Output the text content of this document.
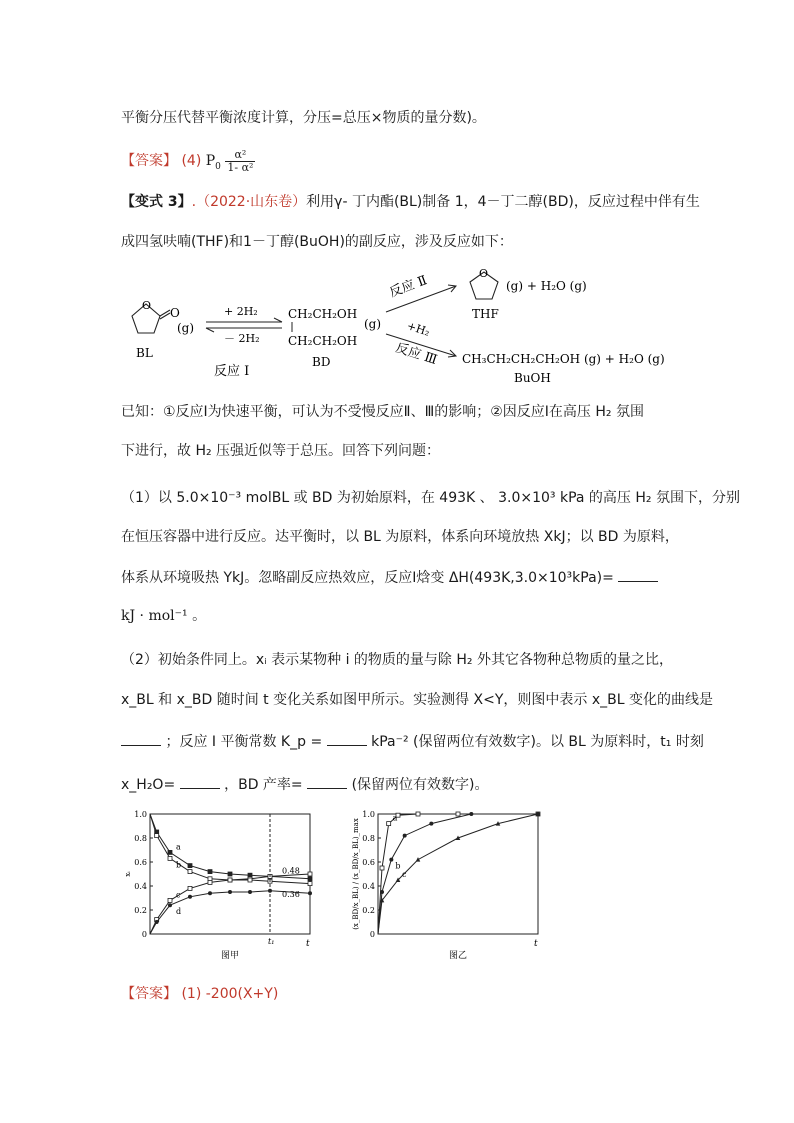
平衡分压代替平衡浓度计算，分压=总压×物质的量分数)。
【答案】 (4) $P_0 \frac{\text{α²}}{\text{1- α²}}$
【变式 3】.（2022·山东卷）利用γ- 丁内酯(BL)制备 1，4－丁二醇(BD)，反应过程中伴有生
成四氢呋喃(THF)和1－丁醇(BuOH)的副反应，涉及反应如下：
O
O
(g)
BL
+ 2H₂
－ 2H₂
反应 Ⅰ
CH₂CH₂OH
CH₂CH₂OH
(g)
BD
反应 Ⅱ	O
(g) + H₂O (g)
THF
+H₂
反应 Ⅲ CH₃CH₂CH₂CH₂OH (g) + H₂O (g)
BuOH
已知：①反应Ⅰ为快速平衡，可认为不受慢反应Ⅱ、Ⅲ的影响；②因反应Ⅰ在高压 H₂ 氛围
下进行，故 H₂ 压强近似等于总压。回答下列问题：
（1）以 5.0×10⁻³ molBL 或 BD 为初始原料，在 493K 、 3.0×10³ kPa 的高压 H₂ 氛围下，分别
在恒压容器中进行反应。达平衡时，以 BL 为原料，体系向环境放热 XkJ；以 BD 为原料，
体系从环境吸热 YkJ。忽略副反应热效应，反应Ⅰ焓变 ΔH(493K,3.0×10³kPa)=
kJ · mol⁻¹ 。
（2）初始条件同上。xᵢ 表示某物种 i 的物质的量与除 H₂ 外其它各物种总物质的量之比，
x_BL 和 x_BD 随时间 t 变化关系如图甲所示。实验测得 X<Y，则图中表示 x_BL 变化的曲线是
；反应 Ⅰ 平衡常数 K_p =	kPa⁻² (保留两位有效数字)。以 BL 为原料时，t₁ 时刻
x_H₂O=	，BD 产率=	(保留两位有效数字)。
0
0.2
0.4
0.6
0.8
1.0
a
b
c
d
t
xᵢ
图甲
t₁
0.48
0.36
0
0.2
0.4
0.6
0.8
1.0 a
b
c
t
(x_BD/x_BL) / (x_BD/x_BL)_max
图乙
【答案】 (1) -200(X+Y)
